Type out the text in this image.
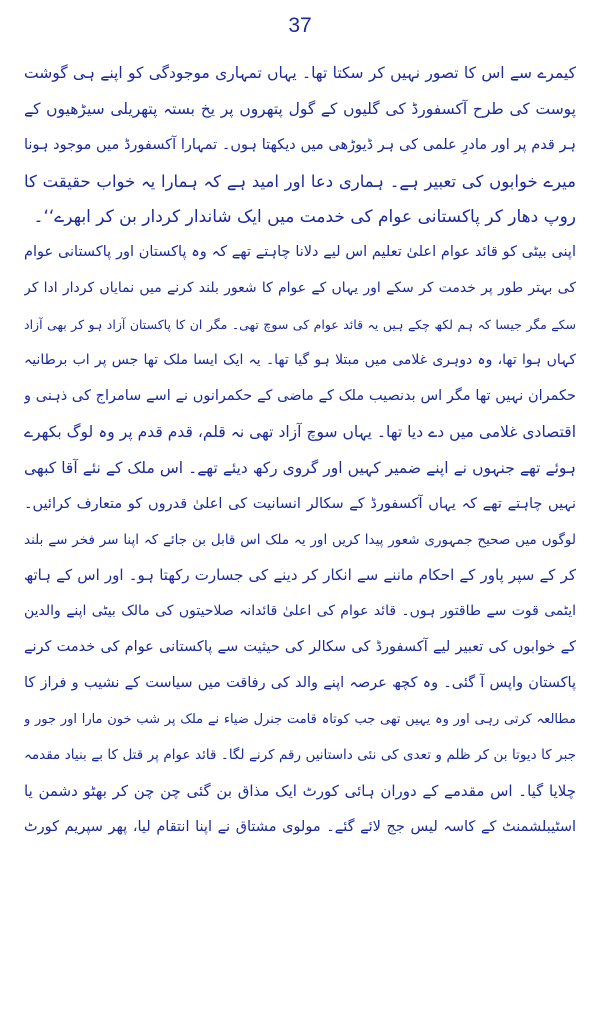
37
کیمرے سے اس کا تصور نہیں کر سکتا تھا۔ یہاں تمہاری موجودگی کو اپنے ہی گوشت
پوست کی طرح آکسفورڈ کی گلیوں کے گول پتھروں پر یخ بستہ پتھریلی سیڑھیوں کے
ہر قدم پر اور مادرِ علمی کی ہر ڈیوڑھی میں دیکھتا ہوں۔ تمہارا آکسفورڈ میں موجود ہونا
میرے خوابوں کی تعبیر ہے۔ ہماری دعا اور امید ہے کہ ہمارا یہ خواب حقیقت کا
روپ دھار کر پاکستانی عوام کی خدمت میں ایک شاندار کردار بن کر ابھرے‘‘۔
اپنی بیٹی کو قائد عوام اعلیٰ تعلیم اس لیے دلانا چاہتے تھے کہ وہ پاکستان اور پاکستانی عوام
کی بہتر طور پر خدمت کر سکے اور یہاں کے عوام کا شعور بلند کرنے میں نمایاں کردار ادا کر
سکے مگر جیسا کہ ہم لکھ چکے ہیں یہ قائد عوام کی سوچ تھی۔ مگر ان کا پاکستان آزاد ہو کر بھی آزاد
کہاں ہوا تھا، وہ دوہری غلامی میں مبتلا ہو گیا تھا۔ یہ ایک ایسا ملک تھا جس پر اب برطانیہ
حکمران نہیں تھا مگر اس بدنصیب ملک کے ماضی کے حکمرانوں نے اسے سامراج کی ذہنی و
اقتصادی غلامی میں دے دیا تھا۔ یہاں سوچ آزاد تھی نہ قلم، قدم قدم پر وہ لوگ بکھرے
ہوئے تھے جنہوں نے اپنے ضمیر کہیں اور گروی رکھ دیئے تھے۔ اس ملک کے نئے آقا کبھی
نہیں چاہتے تھے کہ یہاں آکسفورڈ کے سکالر انسانیت کی اعلیٰ قدروں کو متعارف کرائیں۔
لوگوں میں صحیح جمہوری شعور پیدا کریں اور یہ ملک اس قابل بن جائے کہ اپنا سر فخر سے بلند
کر کے سپر پاور کے احکام ماننے سے انکار کر دینے کی جسارت رکھتا ہو۔ اور اس کے ہاتھ
ایٹمی قوت سے طاقتور ہوں۔ قائد عوام کی اعلیٰ قائدانہ صلاحیتوں کی مالک بیٹی اپنے والدین
کے خوابوں کی تعبیر لیے آکسفورڈ کی سکالر کی حیثیت سے پاکستانی عوام کی خدمت کرنے
پاکستان واپس آ گئی۔ وہ کچھ عرصہ اپنے والد کی رفاقت میں سیاست کے نشیب و فراز کا
مطالعہ کرتی رہی اور وہ یہیں تھی جب کوتاہ قامت جنرل ضیاء نے ملک پر شب خون مارا اور جور و
جبر کا دیوتا بن کر ظلم و تعدی کی نئی داستانیں رقم کرنے لگا۔ قائد عوام پر قتل کا بے بنیاد مقدمہ
چلایا گیا۔ اس مقدمے کے دوران ہائی کورٹ ایک مذاق بن گئی چن چن کر بھٹو دشمن یا
اسٹیبلشمنٹ کے کاسہ لیس جج لائے گئے۔ مولوی مشتاق نے اپنا انتقام لیا، پھر سپریم کورٹ
